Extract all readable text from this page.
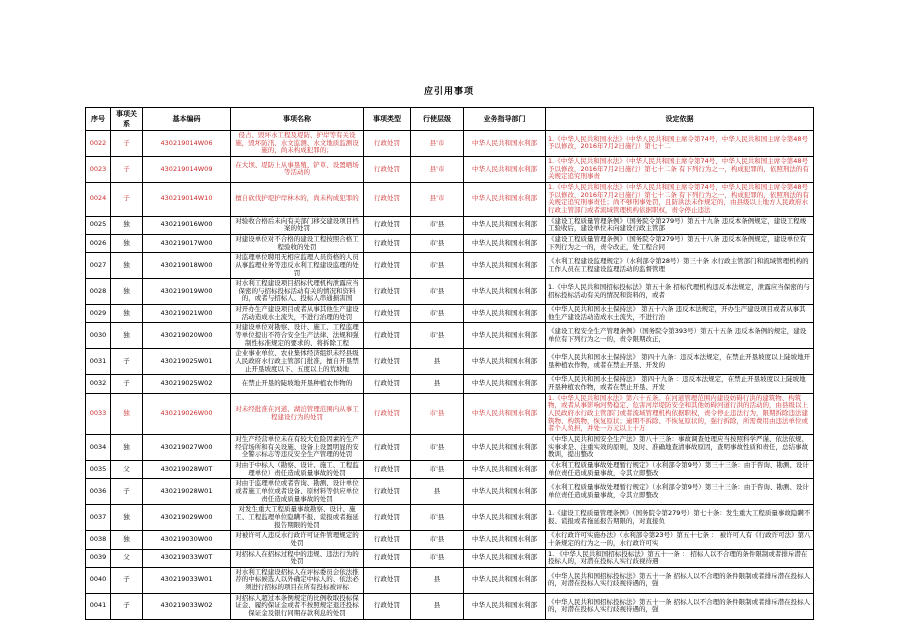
应引用事项
序号	事项关系	基本编码	事项名称	事项类型	行使层级	业务指导部门	设定依据
0022	子	430219014W06	侵占、毁坏水工程及堤防、护岸等有关设施，毁坏防汛、水文监测、水文地质监测设施的，尚未构成犯罪的；	行政处罚	县'市	中华人民共和国水利部	1.《中华人民共和国水法》（中华人民共和国主席令第74号，中华人民共和国主席令第48号予以修改，2016年7月2日施行）第七十二
0023	子	430219014W09	在大坝、堤防上从事垦殖、铲草、设置晒场等活动的	行政处罚	县'市	中华人民共和国水利部	1.《中华人民共和国水法》（中华人民共和国主席令第74号，中华人民共和国主席令第48号予以修改，2016年7月2日施行）第七十二条 有下列行为之一，构成犯罪的，依照刑法的有关规定追究刑事责
0024	子	430219014W10	擅自砍伐护堤护岸林木的，尚未构成犯罪的	行政处罚	县'市	中华人民共和国水利部	1.《中华人民共和国水法》（中华人民共和国主席令第74号，中华人民共和国主席令第48号予以修改，2016年7月2日施行）第七十二条 有下列行为之一，构成犯罪的，依照刑法的有关规定追究刑事责任；尚不够刑事处罚，且防洪法未作规定的，由县级以上地方人民政府水行政主管部门或者流域管理机构依据职权，责令停止违法
0025	独	430219016W00	对验收合格后未向有关部门移交建设项目档案的处罚	行政处罚	市'县	中华人民共和国水利部	《建设工程质量管理条例》（国务院令第279号）第五十九条 违反本条例规定，建设工程竣工验收后，建设单位未向建设行政主管部
0026	独	430219017W00	对建设单位对不合格的建设工程按照合格工程验收的处罚	行政处罚	市'县	中华人民共和国水利部	《建设工程质量管理条例》（国务院令第279号）第五十八条 违反本条例规定，建设单位有下列行为之一的，责令改正，处工程合同
0027	独	430219018W00	对监理单位聘用无相应监理人员资格的人员从事监理业务等违反水利工程建设监理的处罚	行政处罚	市'县	中华人民共和国水利部	《水利工程建设监理规定》（水利部令第28号）第三十条 水行政主管部门和流域管理机构的工作人员在工程建设监理活动的监督管理
0028	独	430219019W00	对水利工程建设项目招标代理机构泄露应当保密的与招标投标活动有关的情况和资料的，或者与招标人、投标人串通损害国	行政处罚	市'县	中华人民共和国水利部	1.《中华人民共和国招标投标法》第五十条 招标代理机构违反本法规定，泄露应当保密的与招标投标活动有关的情况和资料的，或者
0029	独	430219021W00	对开办生产建设项目或者从事其他生产建设活动造成水土流失，不进行治理的处罚	行政处罚	市'县	中华人民共和国水利部	《中华人民共和国水土保持法》 第五十六条 违反本法规定，开办生产建设项目或者从事其他生产建设活动造成水土流失，不进行治
0030	独	430219020W00	对建设单位对勘察、设计、施工、工程监理等单位提出不符合安全生产法律、法规和强制性标准规定的要求的、将拆除工程	行政处罚	市'县	中华人民共和国水利部	《建设工程安全生产管理条例》（国务院令第393号）第五十五条 违反本条例的规定，建设单位有下列行为之一的，责令限期改正，
0031	子	430219025W01	企业事业单位、农业集体经济组织未经县级人民政府水行政主管部门批准，擅自开垦禁止开垦坡度以下、五度以上的荒坡地	行政处罚	县	中华人民共和国水利部	《中华人民共和国水土保持法》 第四十九条：违反本法规定，在禁止开垦坡度以上陡坡地开垦种植农作物，或者在禁止开垦、开发的
0032	子	430219025W02	在禁止开垦的陡坡地开垦种植农作物的	行政处罚	县	中华人民共和国水利部	《中华人民共和国水土保持法》 第四十九条 ：违反本法规定，在禁止开垦坡度以上陡坡地开垦种植农作物，或者在禁止开垦、开发
0033	独	430219026W00	对未经批准在河道、湖泊管理范围内从事工程建设行为的处罚	行政处罚	市'县	中华人民共和国水利部	1.《中华人民共和国水法》第六十五条。在河道管理范围内建设妨碍行洪的建筑物、构筑物，或者从事影响河势稳定、危害河岸堤防安全和其他妨碍河道行洪的活动的，由县级以上人民政府水行政主管部门或者流域管理机构依据职权，责令停止违法行为，限期拆除违法建筑物、构筑物，恢复原状；逾期不拆除、不恢复原状的，强行拆除，所需费用由违法单位或者个人负担，并处一万元以上十万
0034	独	430219027W00	对生产经营单位未在有较大危险因素的生产经营场所和有关设施、设备上设置明显的安全警示标志等违反安全生产管理的处罚	行政处罚	市'县	中华人民共和国水利部	《中华人民共和国安全生产法》第八十三条：事故调查处理应当按照科学严谨、依法依规、实事求是、注重实效的原则，及时、准确地查清事故原因，查明事故性质和责任，总结事故教训，提出整改
0035	父	430219028W0T	对由于中标人（勘察、设计、施工、工程监理单位）责任造成质量事故的处罚	行政处罚	市'县	中华人民共和国水利部	《水利工程质量事故处理暂行规定》（水利部令第9号）第三十三条：由于咨询、勘测、设计单位责任造成质量事故，令其立即整改
0036	子	430219028W01	对由于监理单位或者咨询、勘测、设计单位或者施工单位或者设备、原材料等供应单位责任造成质量事故的处罚	行政处罚	县	中华人民共和国水利部	《水利工程质量事故处理暂行规定》（水利部令第9号）第三十三条：由于咨询、勘测、设计单位责任造成质量事故，令其立即整改
0037	独	430219029W00	对发生重大工程质量事故勘察、设计、施工、工程监理单位隐瞒不报、谎报或者拖延报告期限的处罚	行政处罚	市'县	中华人民共和国水利部	1.《建设工程质量管理条例》（国务院令第279号）第七十条：发生重大工程质量事故隐瞒不报、谎报或者拖延报告期限的，对直接负
0038	独	430219030W00	对被许可人违反水行政许可证件管理规定的处罚	行政处罚	市'县	中华人民共和国水利部	《水行政许可实施办法》（水利部令第23号）第五十七条 ： 被许可人有《行政许可法》第八十条规定的行为之一的，水行政许可实
0039	父	430219033W0T	对招标人在招标过程中的违规、违法行为的处罚	行政处罚	市'县	中华人民共和国水利部	1. 《中华人民共和国招标投标法》第五十一条 ： 招标人以不合理的条件限制或者排斥潜在投标人的，对潜在投标人实行歧视待遇
0040	子	430219033W01	对水利工程建设招标人在评标委员会依法推荐的中标候选人以外确定中标人的、依法必须进行招标的项目在所有投标被评标	行政处罚	县	中华人民共和国水利部	《中华人民共和国招标投标法》第五十一条 招标人以不合理的条件限制或者排斥潜在投标人的，对潜在投标人实行歧视待遇的，强
0041	子	430219033W02	对招标人超过本条例规定的比例收取投标保证金、履约保证金或者不按照规定退还投标保证金及银行同期存款利息的处罚	行政处罚	县	中华人民共和国水利部	《中华人民共和国招标投标法》第五十一条 招标人以不合理的条件限制或者排斥潜在投标人的，对潜在投标人实行歧视待遇的，强
